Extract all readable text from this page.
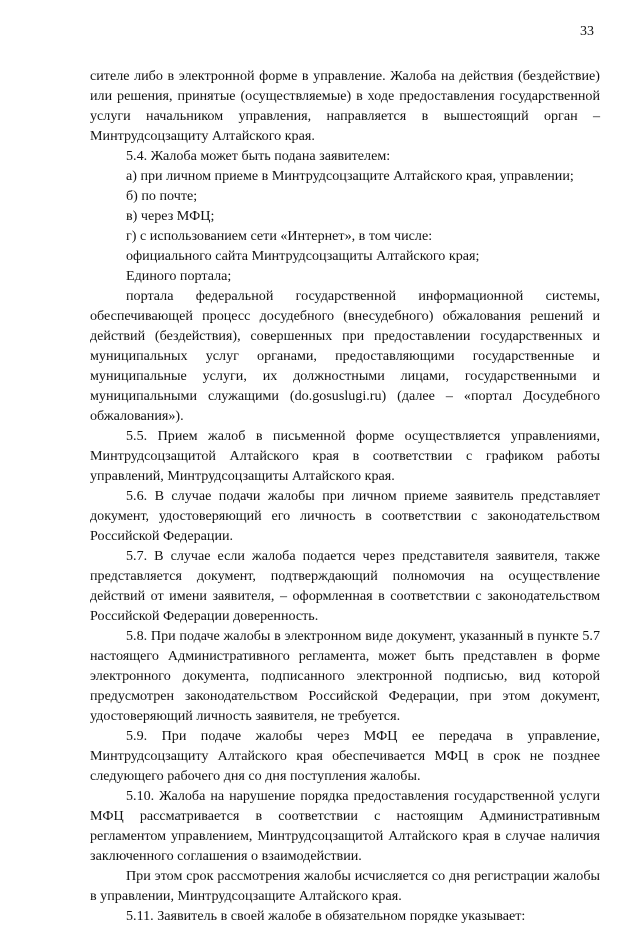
33

сителе либо в электронной форме в управление. Жалоба на действия (бездействие) или решения, принятые (осуществляемые) в ходе предоставления государственной услуги начальником управления, направляется в вышестоящий орган – Минтрудсоцзащиту Алтайского края.

5.4. Жалоба может быть подана заявителем:

а) при личном приеме в Минтрудсоцзащите Алтайского края, управлении;

б) по почте;

в) через МФЦ;

г) с использованием сети «Интернет», в том числе:

официального сайта Минтрудсоцзащиты Алтайского края;

Единого портала;

портала федеральной государственной информационной системы, обеспечивающей процесс досудебного (внесудебного) обжалования решений и действий (бездействия), совершенных при предоставлении государственных и муниципальных услуг органами, предоставляющими государственные и муниципальные услуги, их должностными лицами, государственными и муниципальными служащими (do.gosuslugi.ru) (далее – «портал Досудебного обжалования»).

5.5. Прием жалоб в письменной форме осуществляется управлениями, Минтрудсоцзащитой Алтайского края в соответствии с графиком работы управлений, Минтрудсоцзащиты Алтайского края.

5.6. В случае подачи жалобы при личном приеме заявитель представляет документ, удостоверяющий его личность в соответствии с законодательством Российской Федерации.

5.7. В случае если жалоба подается через представителя заявителя, также представляется документ, подтверждающий полномочия на осуществление действий от имени заявителя, – оформленная в соответствии с законодательством Российской Федерации доверенность.

5.8. При подаче жалобы в электронном виде документ, указанный в пункте 5.7 настоящего Административного регламента, может быть представлен в форме электронного документа, подписанного электронной подписью, вид которой предусмотрен законодательством Российской Федерации, при этом документ, удостоверяющий личность заявителя, не требуется.

5.9. При подаче жалобы через МФЦ ее передача в управление, Минтрудсоцзащиту Алтайского края обеспечивается МФЦ в срок не позднее следующего рабочего дня со дня поступления жалобы.

5.10. Жалоба на нарушение порядка предоставления государственной услуги МФЦ рассматривается в соответствии с настоящим Административным регламентом управлением, Минтрудсоцзащитой Алтайского края в случае наличия заключенного соглашения о взаимодействии.

При этом срок рассмотрения жалобы исчисляется со дня регистрации жалобы в управлении, Минтрудсоцзащите Алтайского края.

5.11. Заявитель в своей жалобе в обязательном порядке указывает:
